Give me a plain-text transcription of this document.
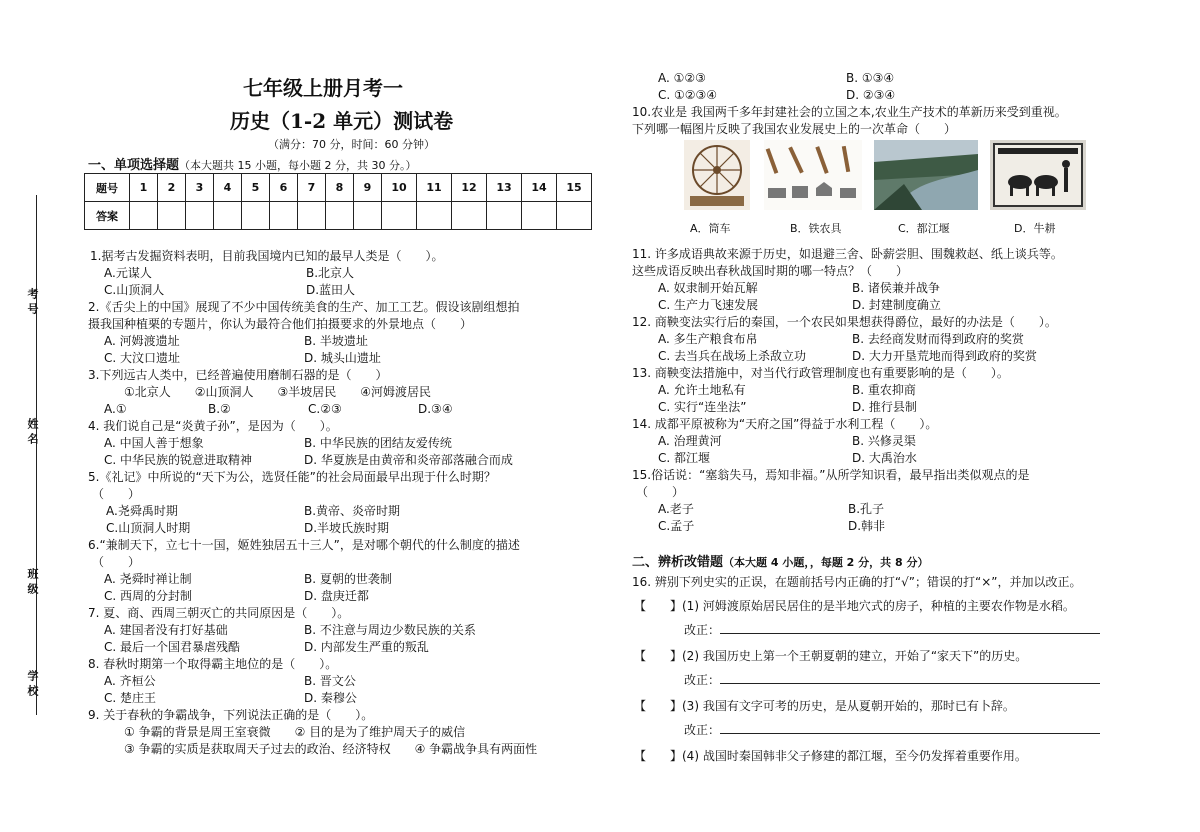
考 号
姓 名
班 级
学 校
七年级上册月考一
历史（1-2 单元）测试卷
（满分：70 分，时间：60 分钟）
一、单项选择题（本大题共 15 小题，每小题 2 分，共 30 分。）
题号	1	2	3	4	5	6	7	8	9	10	11	12	13	14	15
答案															
1.据考古发掘资料表明，目前我国境内已知的最早人类是（　　）。
A.元谋人	B.北京人
C.山顶洞人	D.蓝田人
2.《舌尖上的中国》展现了不少中国传统美食的生产、加工工艺。假设该剧组想拍
摄我国种植栗的专题片，你认为最符合他们拍摄要求的外景地点（　　）
A. 河姆渡遗址	B. 半坡遗址
C. 大汶口遗址	D. 城头山遗址
3.下列远古人类中，已经普遍使用磨制石器的是（　　）
①北京人　　②山顶洞人　　③半坡居民　　④河姆渡居民
A.①	B.②	C.②③	D.③④
4. 我们说自己是“炎黄子孙”，是因为（　　）。
A. 中国人善于想象	B. 中华民族的团结友爱传统
C. 中华民族的锐意进取精神	D. 华夏族是由黄帝和炎帝部落融合而成
5.《礼记》中所说的“天下为公，选贤任能”的社会局面最早出现于什么时期？
（　　）
A.尧舜禹时期	B.黄帝、炎帝时期
C.山顶洞人时期	D.半坡氏族时期
6.“兼制天下，立七十一国，姬姓独居五十三人”，是对哪个朝代的什么制度的描述
（　　）
A. 尧舜时禅让制	B. 夏朝的世袭制
C. 西周的分封制	D. 盘庚迁都
7. 夏、商、西周三朝灭亡的共同原因是（　　）。
A. 建国者没有打好基础	B. 不注意与周边少数民族的关系
C. 最后一个国君暴虐残酷	D. 内部发生严重的叛乱
8. 春秋时期第一个取得霸主地位的是（　　）。
A. 齐桓公	B. 晋文公
C. 楚庄王	D. 秦穆公
9. 关于春秋的争霸战争，下列说法正确的是（　　）。
① 争霸的背景是周王室衰微　　② 目的是为了维护周天子的威信
③ 争霸的实质是获取周天子过去的政治、经济特权　　④ 争霸战争具有两面性
A. ①②③	B. ①③④
C. ①②③④	D. ②③④
10.农业是 我国两千多年封建社会的立国之本,农业生产技术的革新历来受到重视。
下列哪一幅图片反映了我国农业发展史上的一次革命（　　）
A．筒车	B．铁农具	C．都江堰	D．牛耕
11. 许多成语典故来源于历史，如退避三舍、卧薪尝胆、围魏救赵、纸上谈兵等。
这些成语反映出春秋战国时期的哪一特点？（　　）
A. 奴隶制开始瓦解	B. 诸侯兼并战争
C. 生产力飞速发展	D. 封建制度确立
12. 商鞅变法实行后的秦国，一个农民如果想获得爵位，最好的办法是（　　）。
A. 多生产粮食布帛	B. 去经商发财而得到政府的奖赏
C. 去当兵在战场上杀敌立功	D. 大力开垦荒地而得到政府的奖赏
13. 商鞅变法措施中，对当代行政管理制度也有重要影响的是（　　）。
A. 允许土地私有	B. 重农抑商
C. 实行“连坐法”	D. 推行县制
14. 成都平原被称为“天府之国”得益于水利工程（　　）。
A. 治理黄河	B. 兴修灵渠
C. 都江堰	D. 大禹治水
15.俗话说：“塞翁失马，焉知非福。”从所学知识看，最早指出类似观点的是
（　　）
A.老子	B.孔子
C.孟子	D.韩非
二、辨析改错题（本大题 4 小题，，每题 2 分，共 8 分）
16. 辨别下列史实的正误，在题前括号内正确的打“√”；错误的打“×”，并加以改正。
【　　】(1) 河姆渡原始居民居住的是半地穴式的房子，种植的主要农作物是水稻。
改正：
【　　】(2) 我国历史上第一个王朝夏朝的建立，开始了“家天下”的历史。
改正：
【　　】(3) 我国有文字可考的历史，是从夏朝开始的，那时已有卜辞。
改正：
【　　】(4) 战国时秦国韩非父子修建的都江堰，至今仍发挥着重要作用。
